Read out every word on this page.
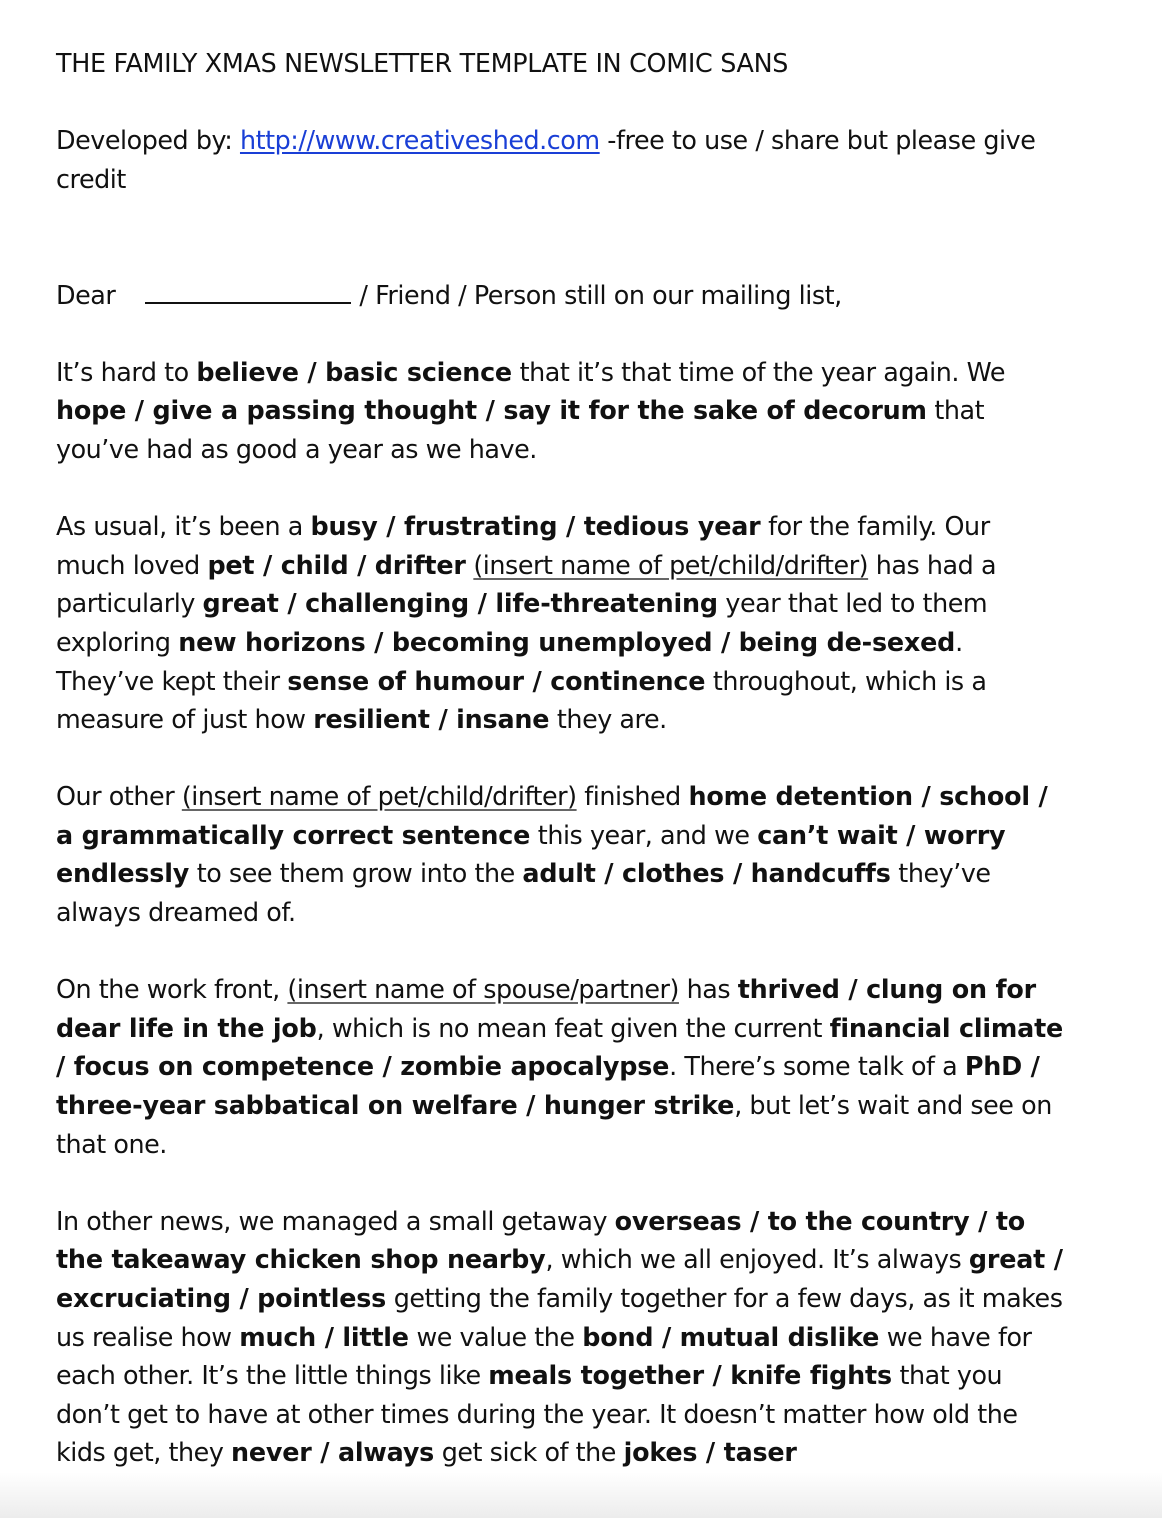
THE FAMILY XMAS NEWSLETTER TEMPLATE IN COMIC SANS

Developed by: http://www.creativeshed.com -free to use / share but please give credit

Dear	/ Friend / Person still on our mailing list,

It’s hard to believe / basic science that it’s that time of the year again. We hope / give a passing thought / say it for the sake of decorum that you’ve had as good a year as we have.

As usual, it’s been a busy / frustrating / tedious year for the family. Our much loved pet / child / drifter (insert name of pet/child/drifter) has had a particularly great / challenging / life-threatening year that led to them exploring new horizons / becoming unemployed / being de-sexed. They’ve kept their sense of humour / continence throughout, which is a measure of just how resilient / insane they are.

Our other (insert name of pet/child/drifter) finished home detention / school / a grammatically correct sentence this year, and we can’t wait / worry endlessly to see them grow into the adult / clothes / handcuffs they’ve always dreamed of.

On the work front, (insert name of spouse/partner) has thrived / clung on for dear life in the job, which is no mean feat given the current financial climate / focus on competence / zombie apocalypse. There’s some talk of a PhD / three-year sabbatical on welfare / hunger strike, but let’s wait and see on that one.

In other news, we managed a small getaway overseas / to the country / to the takeaway chicken shop nearby, which we all enjoyed. It’s always great / excruciating / pointless getting the family together for a few days, as it makes us realise how much / little we value the bond / mutual dislike we have for each other. It’s the little things like meals together / knife fights that you don’t get to have at other times during the year. It doesn’t matter how old the kids get, they never / always get sick of the jokes / taser
